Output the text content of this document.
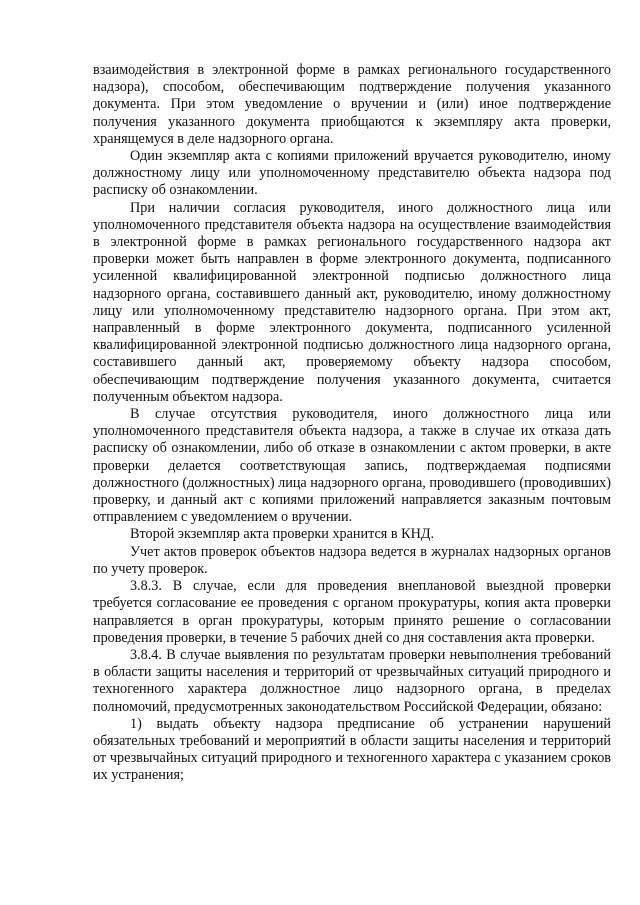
взаимодействия в электронной форме в рамках регионального государственного надзора), способом, обеспечивающим подтверждение получения указанного документа. При этом уведомление о вручении и (или) иное подтверждение получения указанного документа приобщаются к экземпляру акта проверки, хранящемуся в деле надзорного органа.

Один экземпляр акта с копиями приложений вручается руководителю, иному должностному лицу или уполномоченному представителю объекта надзора под расписку об ознакомлении.

При наличии согласия руководителя, иного должностного лица или уполномоченного представителя объекта надзора на осуществление взаимодействия в электронной форме в рамках регионального государственного надзора акт проверки может быть направлен в форме электронного документа, подписанного усиленной квалифицированной электронной подписью должностного лица надзорного органа, составившего данный акт, руководителю, иному должностному лицу или уполномоченному представителю надзорного органа. При этом акт, направленный в форме электронного документа, подписанного усиленной квалифицированной электронной подписью должностного лица надзорного органа, составившего данный акт, проверяемому объекту надзора способом, обеспечивающим подтверждение получения указанного документа, считается полученным объектом надзора.

В случае отсутствия руководителя, иного должностного лица или уполномоченного представителя объекта надзора, а также в случае их отказа дать расписку об ознакомлении, либо об отказе в ознакомлении с актом проверки, в акте проверки делается соответствующая запись, подтверждаемая подписями должностного (должностных) лица надзорного органа, проводившего (проводивших) проверку, и данный акт с копиями приложений направляется заказным почтовым отправлением с уведомлением о вручении.

Второй экземпляр акта проверки хранится в КНД.

Учет актов проверок объектов надзора ведется в журналах надзорных органов по учету проверок.

3.8.3. В случае, если для проведения внеплановой выездной проверки требуется согласование ее проведения с органом прокуратуры, копия акта проверки направляется в орган прокуратуры, которым принято решение о согласовании проведения проверки, в течение 5 рабочих дней со дня составления акта проверки.

3.8.4. В случае выявления по результатам проверки невыполнения требований в области защиты населения и территорий от чрезвычайных ситуаций природного и техногенного характера должностное лицо надзорного органа, в пределах полномочий, предусмотренных законодательством Российской Федерации, обязано:

1) выдать объекту надзора предписание об устранении нарушений обязательных требований и мероприятий в области защиты населения и территорий от чрезвычайных ситуаций природного и техногенного характера с указанием сроков их устранения;
